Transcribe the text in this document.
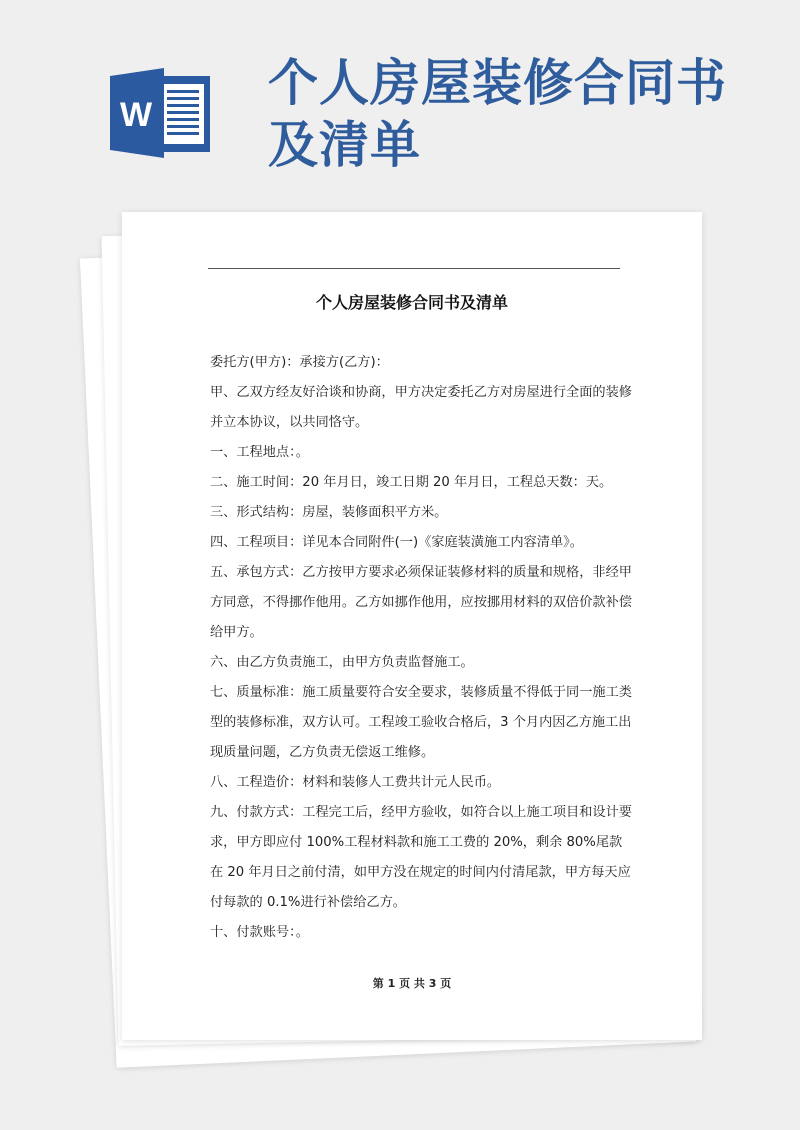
W
个人房屋装修合同书及清单
个人房屋装修合同书及清单

委托方(甲方)：承接方(乙方)：

甲、乙双方经友好洽谈和协商，甲方决定委托乙方对房屋进行全面的装修并立本协议，以共同恪守。

一、工程地点：。

二、施工时间：20 年月日，竣工日期 20 年月日，工程总天数：天。

三、形式结构：房屋，装修面积平方米。

四、工程项目：详见本合同附件(一)《家庭装潢施工内容清单》。

五、承包方式：乙方按甲方要求必须保证装修材料的质量和规格，非经甲方同意，不得挪作他用。乙方如挪作他用，应按挪用材料的双倍价款补偿给甲方。

六、由乙方负责施工，由甲方负责监督施工。

七、质量标准：施工质量要符合安全要求，装修质量不得低于同一施工类型的装修标准，双方认可。工程竣工验收合格后，3 个月内因乙方施工出现质量问题，乙方负责无偿返工维修。

八、工程造价：材料和装修人工费共计元人民币。

九、付款方式：工程完工后，经甲方验收，如符合以上施工项目和设计要求，甲方即应付 100%工程材料款和施工工费的 20%，剩余 80%尾款在 20 年月日之前付清，如甲方没在规定的时间内付清尾款，甲方每天应付每款的 0.1%进行补偿给乙方。

十、付款账号：。

第 1 页 共 3 页
